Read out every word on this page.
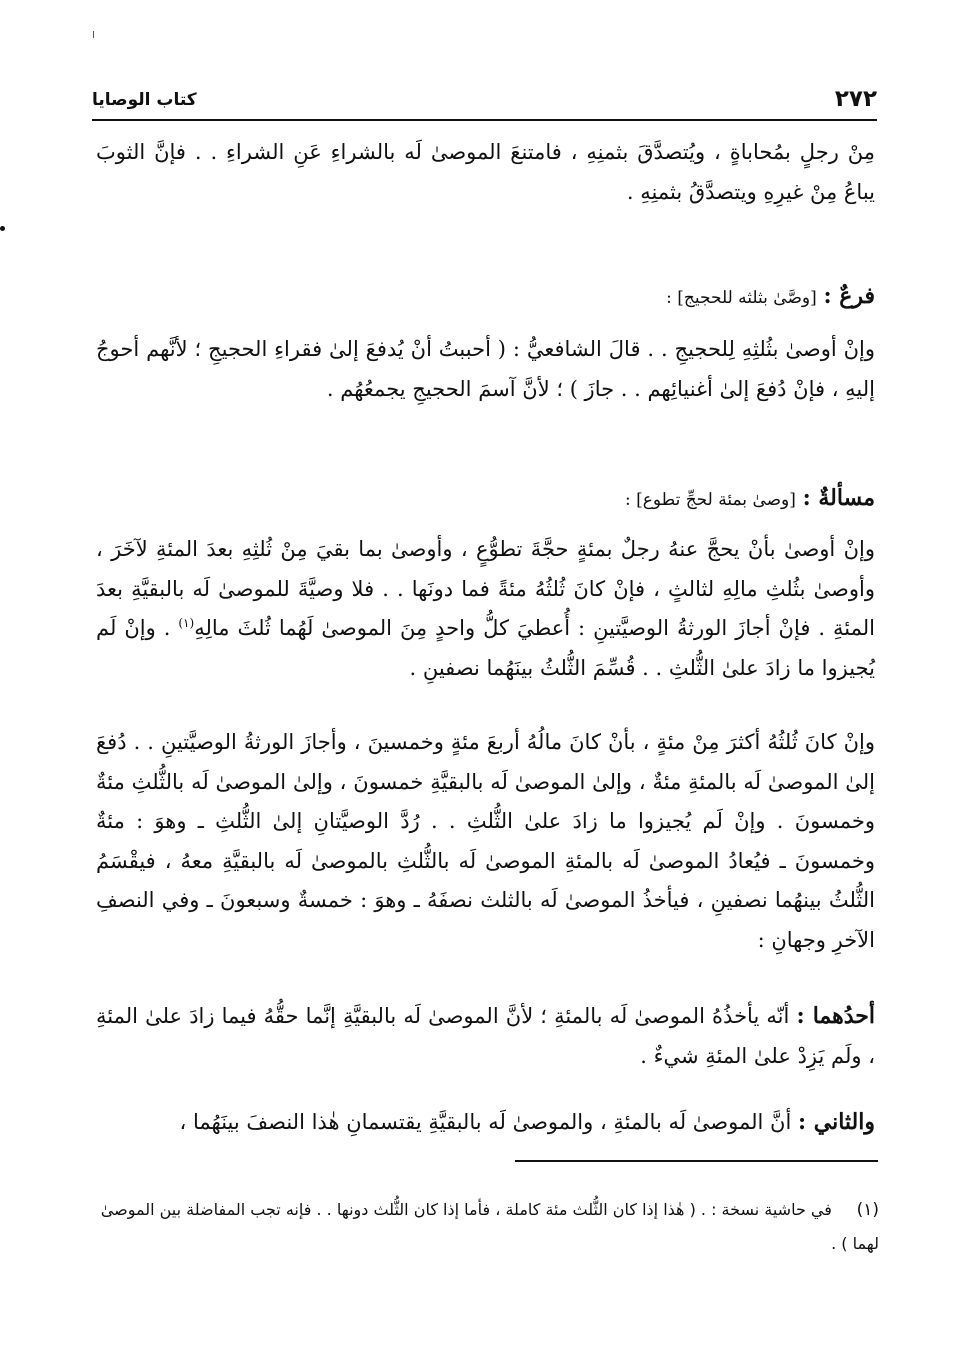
٢٧٢
كتاب الوصايا
مِنْ رجلٍ بمُحاباةٍ ، ويُتصدَّقَ بثمنِهِ ، فامتنعَ الموصىٰ لَه بالشراءِ عَنِ الشراءِ . . فإنَّ الثوبَ يباعُ مِنْ غيرِهِ ويتصدَّقُ بثمنِهِ .
فرعٌ : [وصَّىٰ بثلثه للحجيج] :
وإنْ أوصىٰ بثُلثِهِ لِلحجيجِ . . قالَ الشافعيُّ : ( أحببتُ أنْ يُدفعَ إلىٰ فقراءِ الحجيجِ ؛ لأنَّهم أحوجُ إليهِ ، فإنْ دُفعَ إلىٰ أغنيائِهم . . جازَ ) ؛ لأنَّ آسمَ الحجيجِ يجمعُهُم .
مسألةٌ : [وصىٰ بمئة لحجِّ تطوع] :
وإنْ أوصىٰ بأنْ يحجَّ عنهُ رجلٌ بمئةٍ حجَّةَ تطوُّعٍ ، وأوصىٰ بما بقيَ مِنْ ثُلثِهِ بعدَ المئةِ لآخَرَ ، وأوصىٰ بثُلثِ مالِهِ لثالثٍ ، فإنْ كانَ ثُلثُهُ مئةً فما دونَها . . فلا وصيَّةَ للموصىٰ لَه بالبقيَّةِ بعدَ المئةِ . فإنْ أجازَ الورثةُ الوصيَّتينِ : أُعطيَ كلُّ واحدٍ مِنَ الموصىٰ لَهُما ثُلثَ مالِهِ$^{(١)}$ . وإنْ لَم يُجيزوا ما زادَ علىٰ الثُّلثِ . . قُسِّمَ الثُّلثُ بينَهُما نصفينِ .
وإنْ كانَ ثُلثُهُ أكثرَ مِنْ مئةٍ ، بأنْ كانَ مالُهُ أربعَ مئةٍ وخمسينَ ، وأجازَ الورثةُ الوصيَّتينِ . . دُفعَ إلىٰ الموصىٰ لَه بالمئةِ مئةٌ ، وإلىٰ الموصىٰ لَه بالبقيَّةِ خمسونَ ، وإلىٰ الموصىٰ لَه بالثُّلثِ مئةٌ وخمسونَ . وإنْ لَم يُجيزوا ما زادَ علىٰ الثُّلثِ . . رُدَّ الوصيَّتانِ إلىٰ الثُّلثِ ـ وهوَ : مئةٌ وخمسونَ ـ فيُعادُ الموصىٰ لَه بالمئةِ الموصىٰ لَه بالثُّلثِ بالموصىٰ لَه بالبقيَّةِ معهُ ، فيقْسَمُ الثُّلثُ بينهُما نصفينِ ، فيأخذُ الموصىٰ لَه بالثلث نصفَهُ ـ وهوَ : خمسةٌ وسبعونَ ـ وفي النصفِ الآخرِ وجهانِ :
أحدُهما : أنّه يأخذُهُ الموصىٰ لَه بالمئةِ ؛ لأنَّ الموصىٰ لَه بالبقيَّةِ إنَّما حقُّهُ فيما زادَ علىٰ المئةِ ، ولَم يَزِدْ علىٰ المئةِ شيءٌ .
والثاني : أنَّ الموصىٰ لَه بالمئةِ ، والموصىٰ لَه بالبقيَّةِ يقتسمانِ هٰذا النصفَ بينَهُما ،
(١) في حاشية نسخة : . ( هٰذا إذا كان الثُّلث مئة كاملة ، فأما إذا كان الثُّلث دونها . . فإنه تجب المفاضلة بين الموصىٰ لهما ) .
